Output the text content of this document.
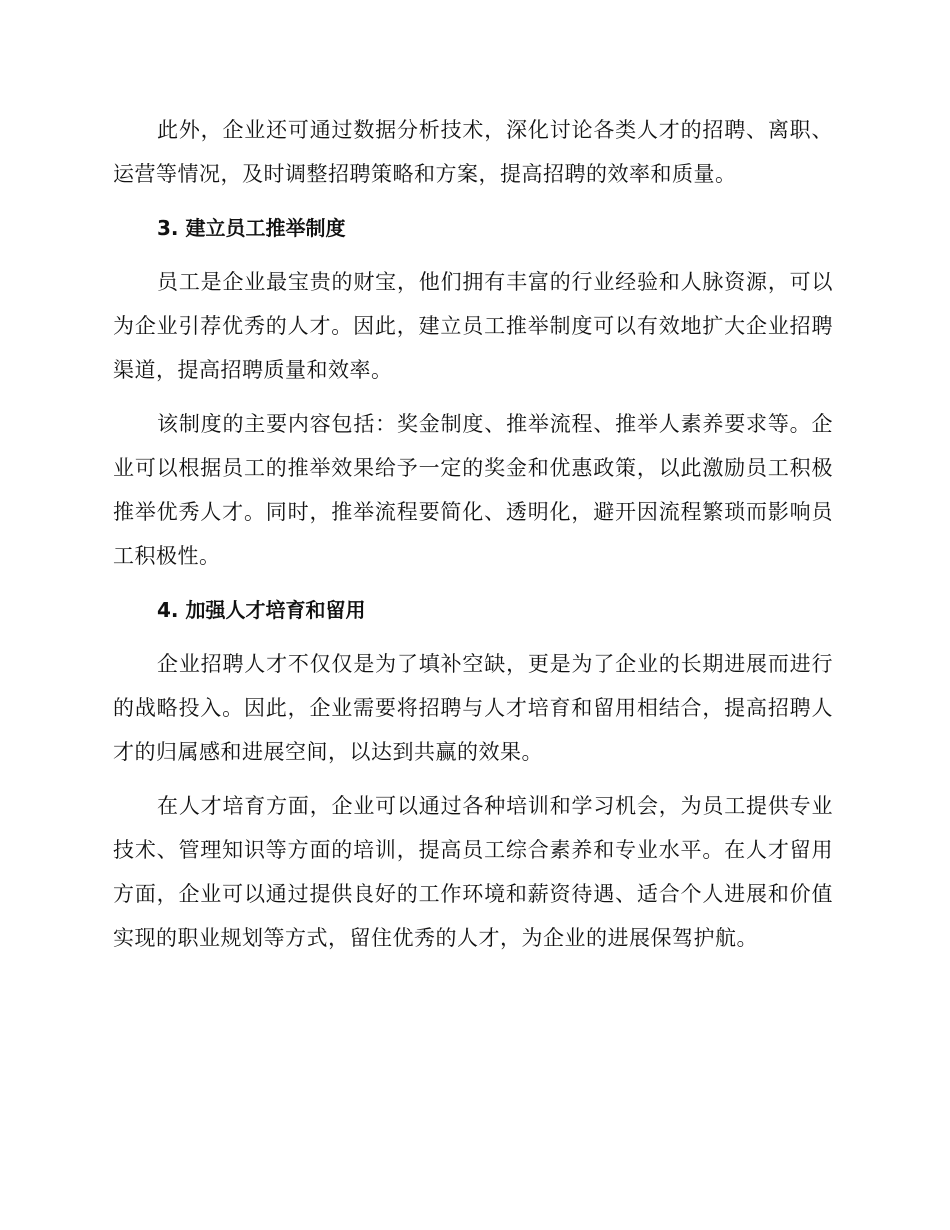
此外，企业还可通过数据分析技术，深化讨论各类人才的招聘、离职、运营等情况，及时调整招聘策略和方案，提高招聘的效率和质量。

3. 建立员工推举制度

员工是企业最宝贵的财宝，他们拥有丰富的行业经验和人脉资源，可以为企业引荐优秀的人才。因此，建立员工推举制度可以有效地扩大企业招聘渠道，提高招聘质量和效率。

该制度的主要内容包括：奖金制度、推举流程、推举人素养要求等。企业可以根据员工的推举效果给予一定的奖金和优惠政策，以此激励员工积极推举优秀人才。同时，推举流程要简化、透明化，避开因流程繁琐而影响员工积极性。

4. 加强人才培育和留用

企业招聘人才不仅仅是为了填补空缺，更是为了企业的长期进展而进行的战略投入。因此，企业需要将招聘与人才培育和留用相结合，提高招聘人才的归属感和进展空间，以达到共赢的效果。

在人才培育方面，企业可以通过各种培训和学习机会，为员工提供专业技术、管理知识等方面的培训，提高员工综合素养和专业水平。在人才留用方面，企业可以通过提供良好的工作环境和薪资待遇、适合个人进展和价值实现的职业规划等方式，留住优秀的人才，为企业的进展保驾护航。
